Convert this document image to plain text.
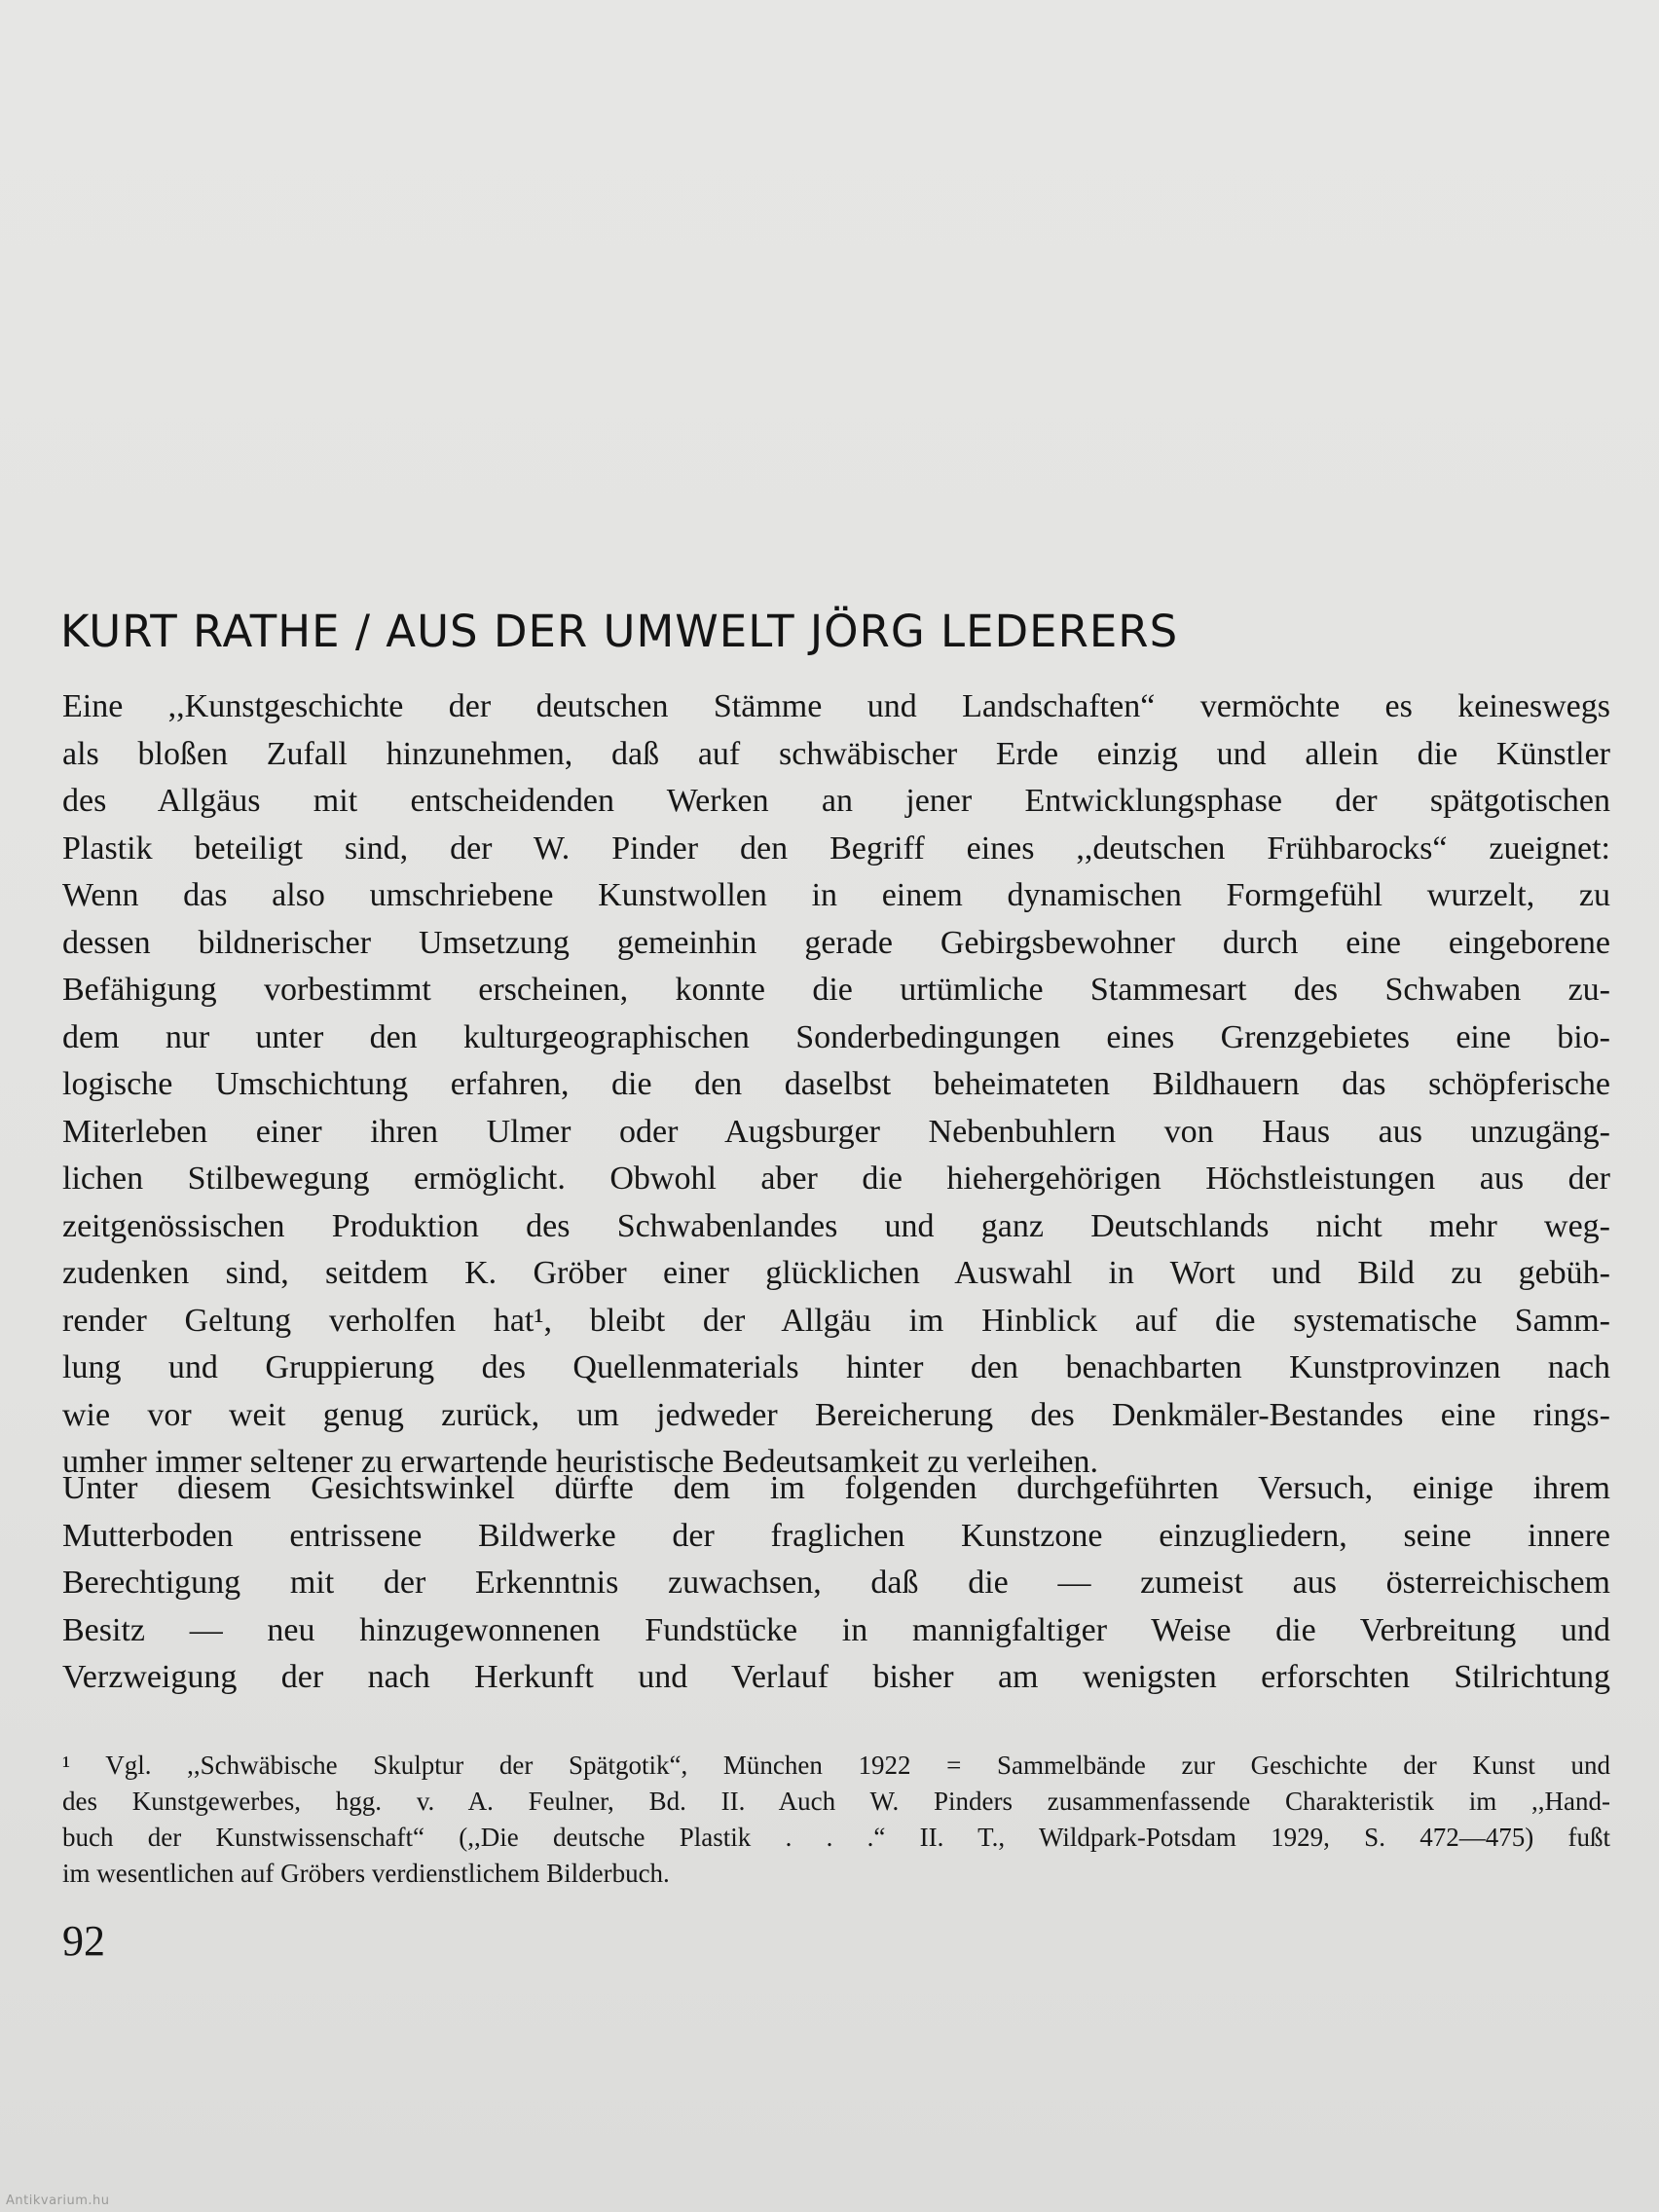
KURT RATHE / AUS DER UMWELT JÖRG LEDERERS
Eine ,,Kunstgeschichte der deutschen Stämme und Landschaften“ vermöchte es keineswegs
als bloßen Zufall hinzunehmen, daß auf schwäbischer Erde einzig und allein die Künstler
des Allgäus mit entscheidenden Werken an jener Entwicklungsphase der spätgotischen
Plastik beteiligt sind, der W. Pinder den Begriff eines ,,deutschen Frühbarocks“ zueignet:
Wenn das also umschriebene Kunstwollen in einem dynamischen Formgefühl wurzelt, zu
dessen bildnerischer Umsetzung gemeinhin gerade Gebirgsbewohner durch eine eingeborene
Befähigung vorbestimmt erscheinen, konnte die urtümliche Stammesart des Schwaben zu-
dem nur unter den kulturgeographischen Sonderbedingungen eines Grenzgebietes eine bio-
logische Umschichtung erfahren, die den daselbst beheimateten Bildhauern das schöpferische
Miterleben einer ihren Ulmer oder Augsburger Nebenbuhlern von Haus aus unzugäng-
lichen Stilbewegung ermöglicht. Obwohl aber die hiehergehörigen Höchstleistungen aus der
zeitgenössischen Produktion des Schwabenlandes und ganz Deutschlands nicht mehr weg-
zudenken sind, seitdem K. Gröber einer glücklichen Auswahl in Wort und Bild zu gebüh-
render Geltung verholfen hat¹, bleibt der Allgäu im Hinblick auf die systematische Samm-
lung und Gruppierung des Quellenmaterials hinter den benachbarten Kunstprovinzen nach
wie vor weit genug zurück, um jedweder Bereicherung des Denkmäler-Bestandes eine rings-
umher immer seltener zu erwartende heuristische Bedeutsamkeit zu verleihen.
Unter diesem Gesichtswinkel dürfte dem im folgenden durchgeführten Versuch, einige ihrem
Mutterboden entrissene Bildwerke der fraglichen Kunstzone einzugliedern, seine innere
Berechtigung mit der Erkenntnis zuwachsen, daß die — zumeist aus österreichischem
Besitz — neu hinzugewonnenen Fundstücke in mannigfaltiger Weise die Verbreitung und
Verzweigung der nach Herkunft und Verlauf bisher am wenigsten erforschten Stilrichtung
¹ Vgl. ,,Schwäbische Skulptur der Spätgotik“, München 1922 = Sammelbände zur Geschichte der Kunst und
des Kunstgewerbes, hgg. v. A. Feulner, Bd. II. Auch W. Pinders zusammenfassende Charakteristik im ,,Hand-
buch der Kunstwissenschaft“ (,,Die deutsche Plastik . . .“ II. T., Wildpark-Potsdam 1929, S. 472—475) fußt
im wesentlichen auf Gröbers verdienstlichem Bilderbuch.
92
Antikvarium.hu
